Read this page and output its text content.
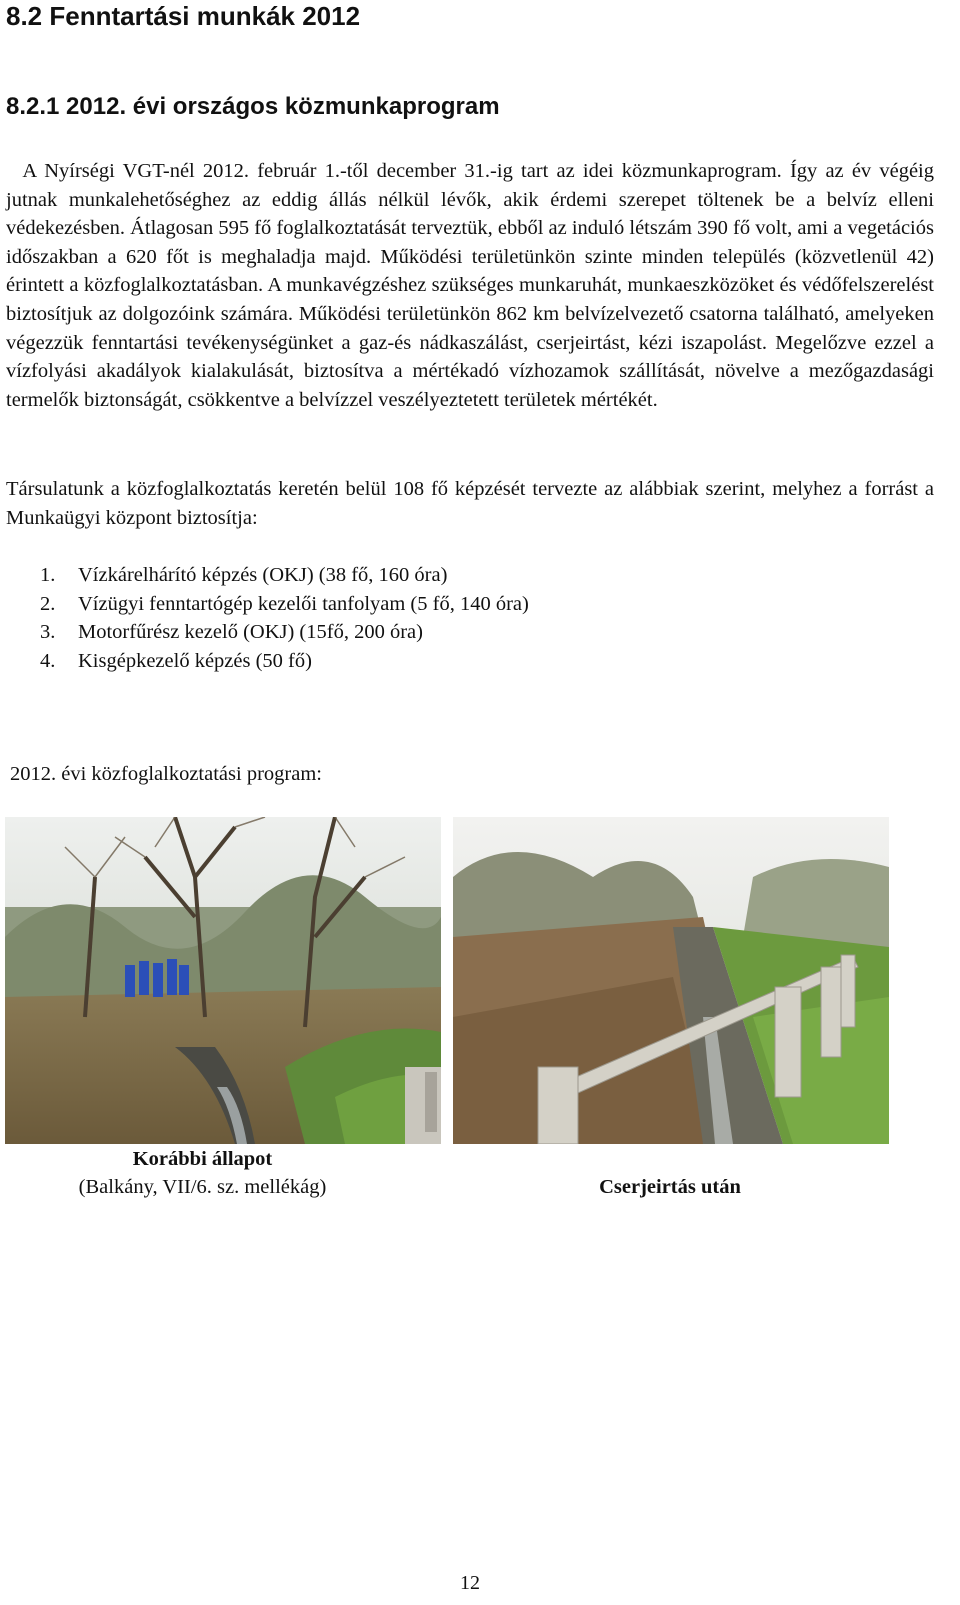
8.2 Fenntartási munkák 2012
8.2.1 2012. évi országos közmunkaprogram

A Nyírségi VGT-nél 2012. február 1.-től december 31.-ig tart az idei közmunkaprogram. Így az év végéig jutnak munkalehetőséghez az eddig állás nélkül lévők, akik érdemi szerepet töltenek be a belvíz elleni védekezésben. Átlagosan 595 fő foglalkoztatását terveztük, ebből az induló létszám 390 fő volt, ami a vegetációs időszakban a 620 főt is meghaladja majd. Működési területünkön szinte minden település (közvetlenül 42) érintett a közfoglalkoztatásban. A munkavégzéshez szükséges munkaruhát, munkaeszközöket és védőfelszerelést biztosítjuk az dolgozóink számára. Működési területünkön 862 km belvízelvezető csatorna található, amelyeken végezzük fenntartási tevékenységünket a gaz-és nádkaszálást, cserjeirtást, kézi iszapolást. Megelőzve ezzel a vízfolyási akadályok kialakulását, biztosítva a mértékadó vízhozamok szállítását, növelve a mezőgazdasági termelők biztonságát, csökkentve a belvízzel veszélyeztetett területek mértékét.

Társulatunk a közfoglalkoztatás keretén belül 108 fő képzését tervezte az alábbiak szerint, melyhez a forrást a Munkaügyi központ biztosítja:

1.	Vízkárelhárító képzés (OKJ) (38 fő, 160 óra)
2.	Vízügyi fenntartógép kezelői tanfolyam (5 fő, 140 óra)
3.	Motorfűrész kezelő (OKJ) (15fő, 200 óra)
4.	Kisgépkezelő képzés (50 fő)

2012. évi közfoglalkoztatási program:

Korábbi állapot
(Balkány, VII/6. sz. mellékág)	Cserjeirtás után
12
